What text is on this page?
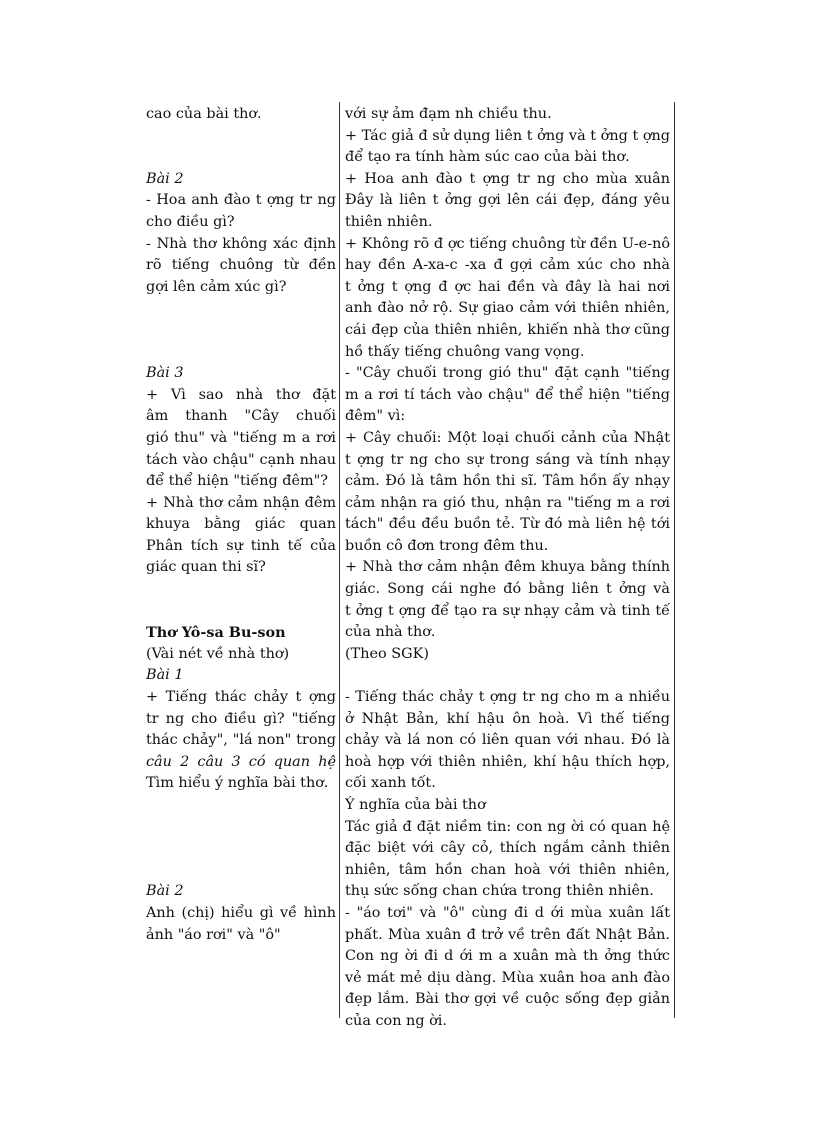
cao của bài thơ.
Bài 2
- Hoa anh đào t ợng tr ng
cho điều gì?
- Nhà thơ không xác định
rõ tiếng chuông từ đền
gợi lên cảm xúc gì?
Bài 3
+ Vì sao nhà thơ đặt
âm thanh "Cây chuối
gió thu" và "tiếng m a rơi
tách vào chậu" cạnh nhau
để thể hiện "tiếng đêm"?
+ Nhà thơ cảm nhận đêm
khuya bằng giác quan
Phân tích sự tinh tế của
giác quan thi sĩ?
Thơ Yô-sa Bu-son
(Vài nét về nhà thơ)
Bài 1
+ Tiếng thác chảy t ợng
tr ng cho điều gì? "tiếng
thác chảy", "lá non" trong
câu 2 câu 3 có quan hệ
Tìm hiểu ý nghĩa bài thơ.
Bài 2
Anh (chị) hiểu gì về hình
ảnh "áo rơi" và "ô"
với sự ảm đạm nh chiều thu.
+ Tác giả đ sử dụng liên t ởng và t ởng t ợng
để tạo ra tính hàm súc cao của bài thơ.
+ Hoa anh đào t ợng tr ng cho mùa xuân
Đây là liên t ởng gợi lên cái đẹp, đáng yêu
thiên nhiên.
+ Không rõ đ ợc tiếng chuông từ đền U-e-nô
hay đền A-xa-c -xa đ gợi cảm xúc cho nhà
t ởng t ợng đ ợc hai đền và đây là hai nơi
anh đào nở rộ. Sự giao cảm với thiên nhiên,
cái đẹp của thiên nhiên, khiến nhà thơ cũng
hồ thấy tiếng chuông vang vọng.
- "Cây chuối trong gió thu" đặt cạnh "tiếng
m a rơi tí tách vào chậu" để thể hiện "tiếng
đêm" vì:
+ Cây chuối: Một loại chuối cảnh của Nhật
t ợng tr ng cho sự trong sáng và tính nhạy
cảm. Đó là tâm hồn thi sĩ. Tâm hồn ấy nhạy
cảm nhận ra gió thu, nhận ra "tiếng m a rơi
tách" đều đều buồn tẻ. Từ đó mà liên hệ tới
buồn cô đơn trong đêm thu.
+ Nhà thơ cảm nhận đêm khuya bằng thính
giác. Song cái nghe đó bằng liên t ởng và
t ởng t ợng để tạo ra sự nhạy cảm và tinh tế
của nhà thơ.
(Theo SGK)
- Tiếng thác chảy t ợng tr ng cho m a nhiều
ở Nhật Bản, khí hậu ôn hoà. Vì thế tiếng
chảy và lá non có liên quan với nhau. Đó là
hoà hợp với thiên nhiên, khí hậu thích hợp,
cối xanh tốt.
Ý nghĩa của bài thơ
Tác giả đ đặt niềm tin: con ng ời có quan hệ
đặc biệt với cây cỏ, thích ngắm cảnh thiên
nhiên, tâm hồn chan hoà với thiên nhiên,
thụ sức sống chan chứa trong thiên nhiên.
- "áo tơi" và "ô" cùng đi d ới mùa xuân lất
phất. Mùa xuân đ trở về trên đất Nhật Bản.
Con ng ời đi d ới m a xuân mà th ởng thức
vẻ mát mẻ dịu dàng. Mùa xuân hoa anh đào
đẹp lắm. Bài thơ gợi về cuộc sống đẹp giản
của con ng ời.
